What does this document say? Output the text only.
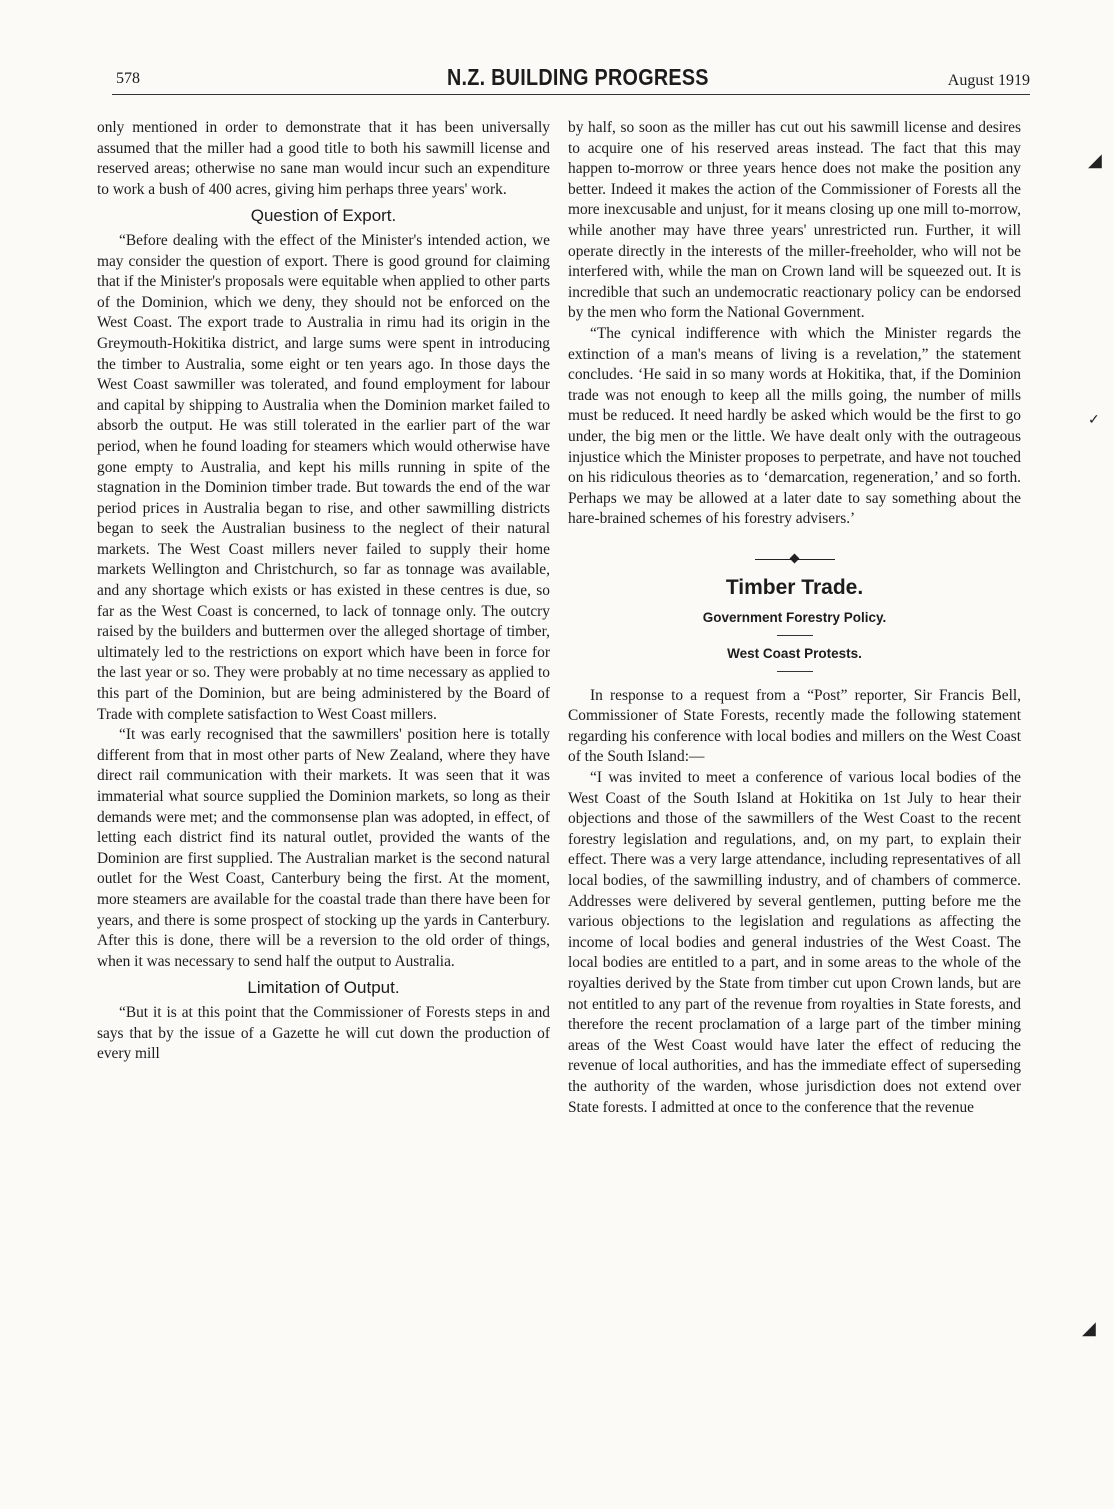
578	N.Z. BUILDING PROGRESS	August 1919

only mentioned in order to demonstrate that it has been universally assumed that the miller had a good title to both his sawmill license and reserved areas; otherwise no sane man would incur such an expenditure to work a bush of 400 acres, giving him perhaps three years' work.

Question of Export.

“Before dealing with the effect of the Minister's intended action, we may consider the question of export. There is good ground for claiming that if the Minister's proposals were equitable when applied to other parts of the Dominion, which we deny, they should not be enforced on the West Coast. The export trade to Australia in rimu had its origin in the Greymouth-Hokitika district, and large sums were spent in introducing the timber to Australia, some eight or ten years ago. In those days the West Coast sawmiller was tolerated, and found employment for labour and capital by shipping to Australia when the Dominion market failed to absorb the output. He was still tolerated in the earlier part of the war period, when he found loading for steamers which would otherwise have gone empty to Australia, and kept his mills running in spite of the stagnation in the Dominion timber trade. But towards the end of the war period prices in Australia began to rise, and other sawmilling districts began to seek the Australian business to the neglect of their natural markets. The West Coast millers never failed to supply their home markets Wellington and Christchurch, so far as tonnage was available, and any shortage which exists or has existed in these centres is due, so far as the West Coast is concerned, to lack of tonnage only. The outcry raised by the builders and buttermen over the alleged shortage of timber, ultimately led to the restrictions on export which have been in force for the last year or so. They were probably at no time necessary as applied to this part of the Dominion, but are being administered by the Board of Trade with complete satisfaction to West Coast millers.

“It was early recognised that the sawmillers' position here is totally different from that in most other parts of New Zealand, where they have direct rail communication with their markets. It was seen that it was immaterial what source supplied the Dominion markets, so long as their demands were met; and the commonsense plan was adopted, in effect, of letting each district find its natural outlet, provided the wants of the Dominion are first supplied. The Australian market is the second natural outlet for the West Coast, Canterbury being the first. At the moment, more steamers are available for the coastal trade than there have been for years, and there is some prospect of stocking up the yards in Canterbury. After this is done, there will be a reversion to the old order of things, when it was necessary to send half the output to Australia.

Limitation of Output.

“But it is at this point that the Commissioner of Forests steps in and says that by the issue of a Gazette he will cut down the production of every mill

by half, so soon as the miller has cut out his sawmill license and desires to acquire one of his reserved areas instead. The fact that this may happen to-morrow or three years hence does not make the position any better. Indeed it makes the action of the Commissioner of Forests all the more inexcusable and unjust, for it means closing up one mill to-morrow, while another may have three years' unrestricted run. Further, it will operate directly in the interests of the miller-freeholder, who will not be interfered with, while the man on Crown land will be squeezed out. It is incredible that such an undemocratic reactionary policy can be endorsed by the men who form the National Government.

“The cynical indifference with which the Minister regards the extinction of a man's means of living is a revelation,” the statement concludes. ‘He said in so many words at Hokitika, that, if the Dominion trade was not enough to keep all the mills going, the number of mills must be reduced. It need hardly be asked which would be the first to go under, the big men or the little. We have dealt only with the outrageous injustice which the Minister proposes to perpetrate, and have not touched on his ridiculous theories as to ‘demarcation, regeneration,’ and so forth. Perhaps we may be allowed at a later date to say something about the hare-brained schemes of his forestry advisers.’

Timber Trade.

Government Forestry Policy.

West Coast Protests.

In response to a request from a “Post” reporter, Sir Francis Bell, Commissioner of State Forests, recently made the following statement regarding his conference with local bodies and millers on the West Coast of the South Island:—

“I was invited to meet a conference of various local bodies of the West Coast of the South Island at Hokitika on 1st July to hear their objections and those of the sawmillers of the West Coast to the recent forestry legislation and regulations, and, on my part, to explain their effect. There was a very large attendance, including representatives of all local bodies, of the sawmilling industry, and of chambers of commerce. Addresses were delivered by several gentlemen, putting before me the various objections to the legislation and regulations as affecting the income of local bodies and general industries of the West Coast. The local bodies are entitled to a part, and in some areas to the whole of the royalties derived by the State from timber cut upon Crown lands, but are not entitled to any part of the revenue from royalties in State forests, and therefore the recent proclamation of a large part of the timber mining areas of the West Coast would have later the effect of reducing the revenue of local authorities, and has the immediate effect of superseding the authority of the warden, whose jurisdiction does not extend over State forests. I admitted at once to the conference that the revenue

◢
✓
◢
